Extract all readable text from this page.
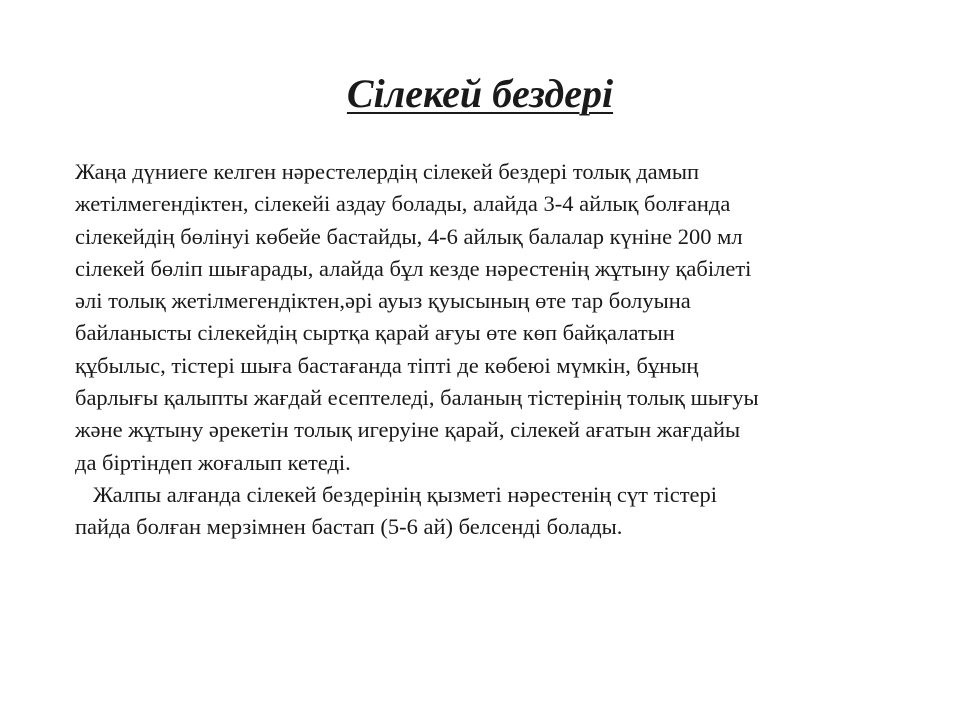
Сілекей бездері

Жаңа дүниеге келген нәрестелердің сілекей бездері толық дамып
жетілмегендіктен, сілекейі аздау болады, алайда 3-4 айлық болғанда
сілекейдің бөлінуі көбейе бастайды, 4-6 айлық балалар күніне 200 мл
сілекей бөліп шығарады, алайда бұл кезде нәрестенің жұтыну қабілеті
әлі толық жетілмегендіктен,әрі ауыз қуысының өте тар болуына
байланысты сілекейдің сыртқа қарай ағуы өте көп байқалатын
құбылыс, тістері шыға бастағанда тіпті де көбеюі мүмкін, бұның
барлығы қалыпты жағдай есептеледі, баланың тістерінің толық шығуы
және жұтыну әрекетін толық игеруіне қарай, сілекей ағатын жағдайы
да біртіндеп жоғалып кетеді.

Жалпы алғанда сілекей бездерінің қызметі нәрестенің сүт тістері
пайда болған мерзімнен бастап (5-6 ай) белсенді болады.
